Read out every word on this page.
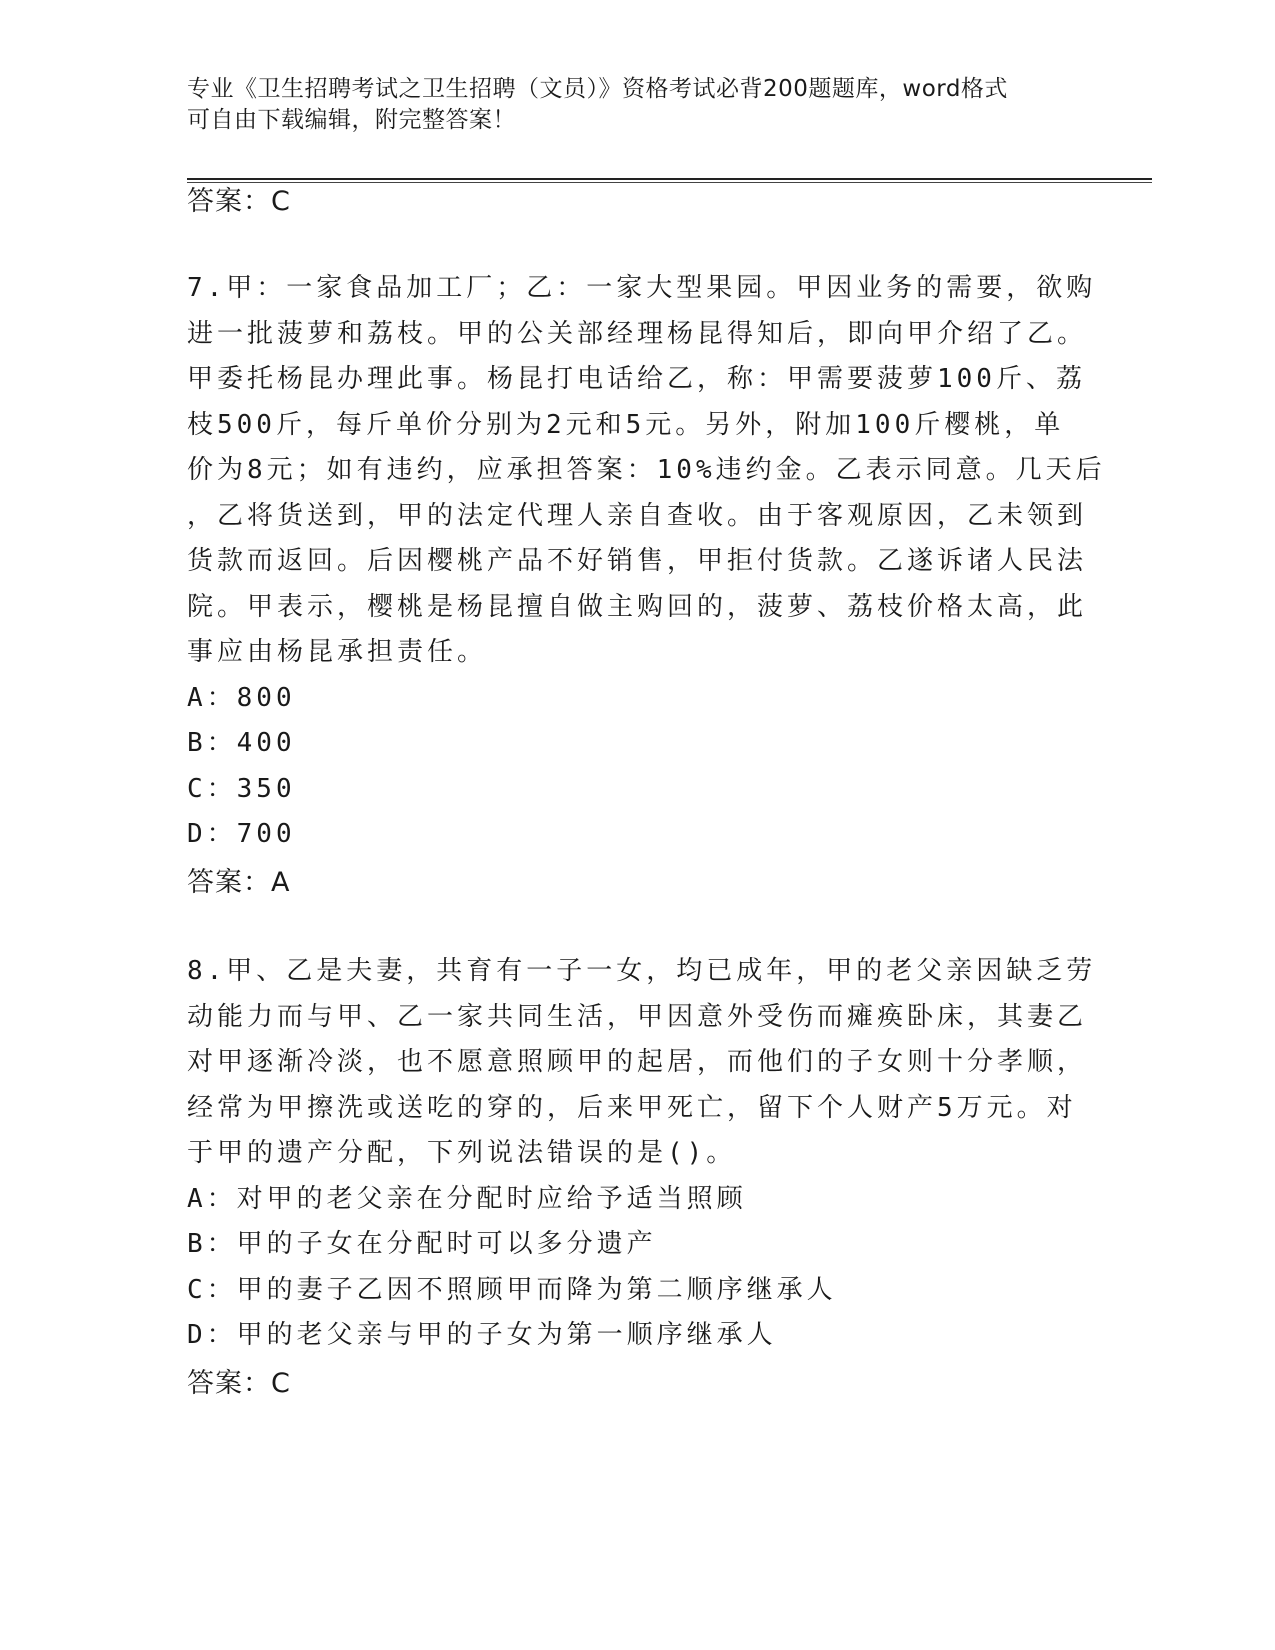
专业《卫生招聘考试之卫生招聘（文员）》资格考试必背200题题库，word格式
可自由下载编辑，附完整答案！
答案：C
7.甲：一家食品加工厂；乙：一家大型果园。甲因业务的需要，欲购
进一批菠萝和荔枝。甲的公关部经理杨昆得知后，即向甲介绍了乙。
甲委托杨昆办理此事。杨昆打电话给乙，称：甲需要菠萝100斤、荔
枝500斤，每斤单价分别为2元和5元。另外，附加100斤樱桃，单
价为8元；如有违约，应承担答案：10%违约金。乙表示同意。几天后
，乙将货送到，甲的法定代理人亲自查收。由于客观原因，乙未领到
货款而返回。后因樱桃产品不好销售，甲拒付货款。乙遂诉诸人民法
院。甲表示，樱桃是杨昆擅自做主购回的，菠萝、荔枝价格太高，此
事应由杨昆承担责任。
A：800
B：400
C：350
D：700
答案：A
8.甲、乙是夫妻，共育有一子一女，均已成年，甲的老父亲因缺乏劳
动能力而与甲、乙一家共同生活，甲因意外受伤而瘫痪卧床，其妻乙
对甲逐渐冷淡，也不愿意照顾甲的起居，而他们的子女则十分孝顺，
经常为甲擦洗或送吃的穿的，后来甲死亡，留下个人财产5万元。对
于甲的遗产分配，下列说法错误的是()。
A：对甲的老父亲在分配时应给予适当照顾
B：甲的子女在分配时可以多分遗产
C：甲的妻子乙因不照顾甲而降为第二顺序继承人
D：甲的老父亲与甲的子女为第一顺序继承人
答案：C
